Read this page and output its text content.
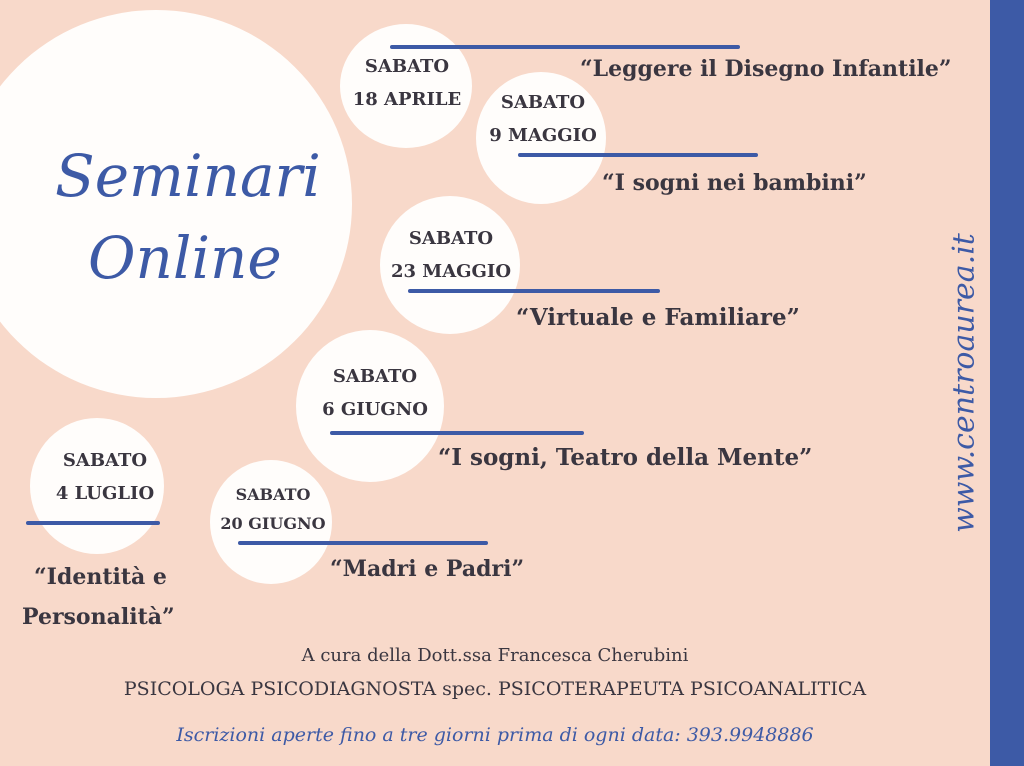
Seminari
Online
SABATO
18 APRILE
“Leggere il Disegno Infantile”
SABATO
9 MAGGIO
“I sogni nei bambini”
SABATO
23 MAGGIO
“Virtuale e Familiare”
SABATO
6 GIUGNO
“I sogni, Teatro della Mente”
SABATO
4 LUGLIO
“Identità e
Personalità”
SABATO
20 GIUGNO
“Madri e Padri”
A cura della Dott.ssa Francesca Cherubini
PSICOLOGA PSICODIAGNOSTA spec. PSICOTERAPEUTA PSICOANALITICA
Iscrizioni aperte fino a tre giorni prima di ogni data: 393.9948886
www.centroaurea.it
